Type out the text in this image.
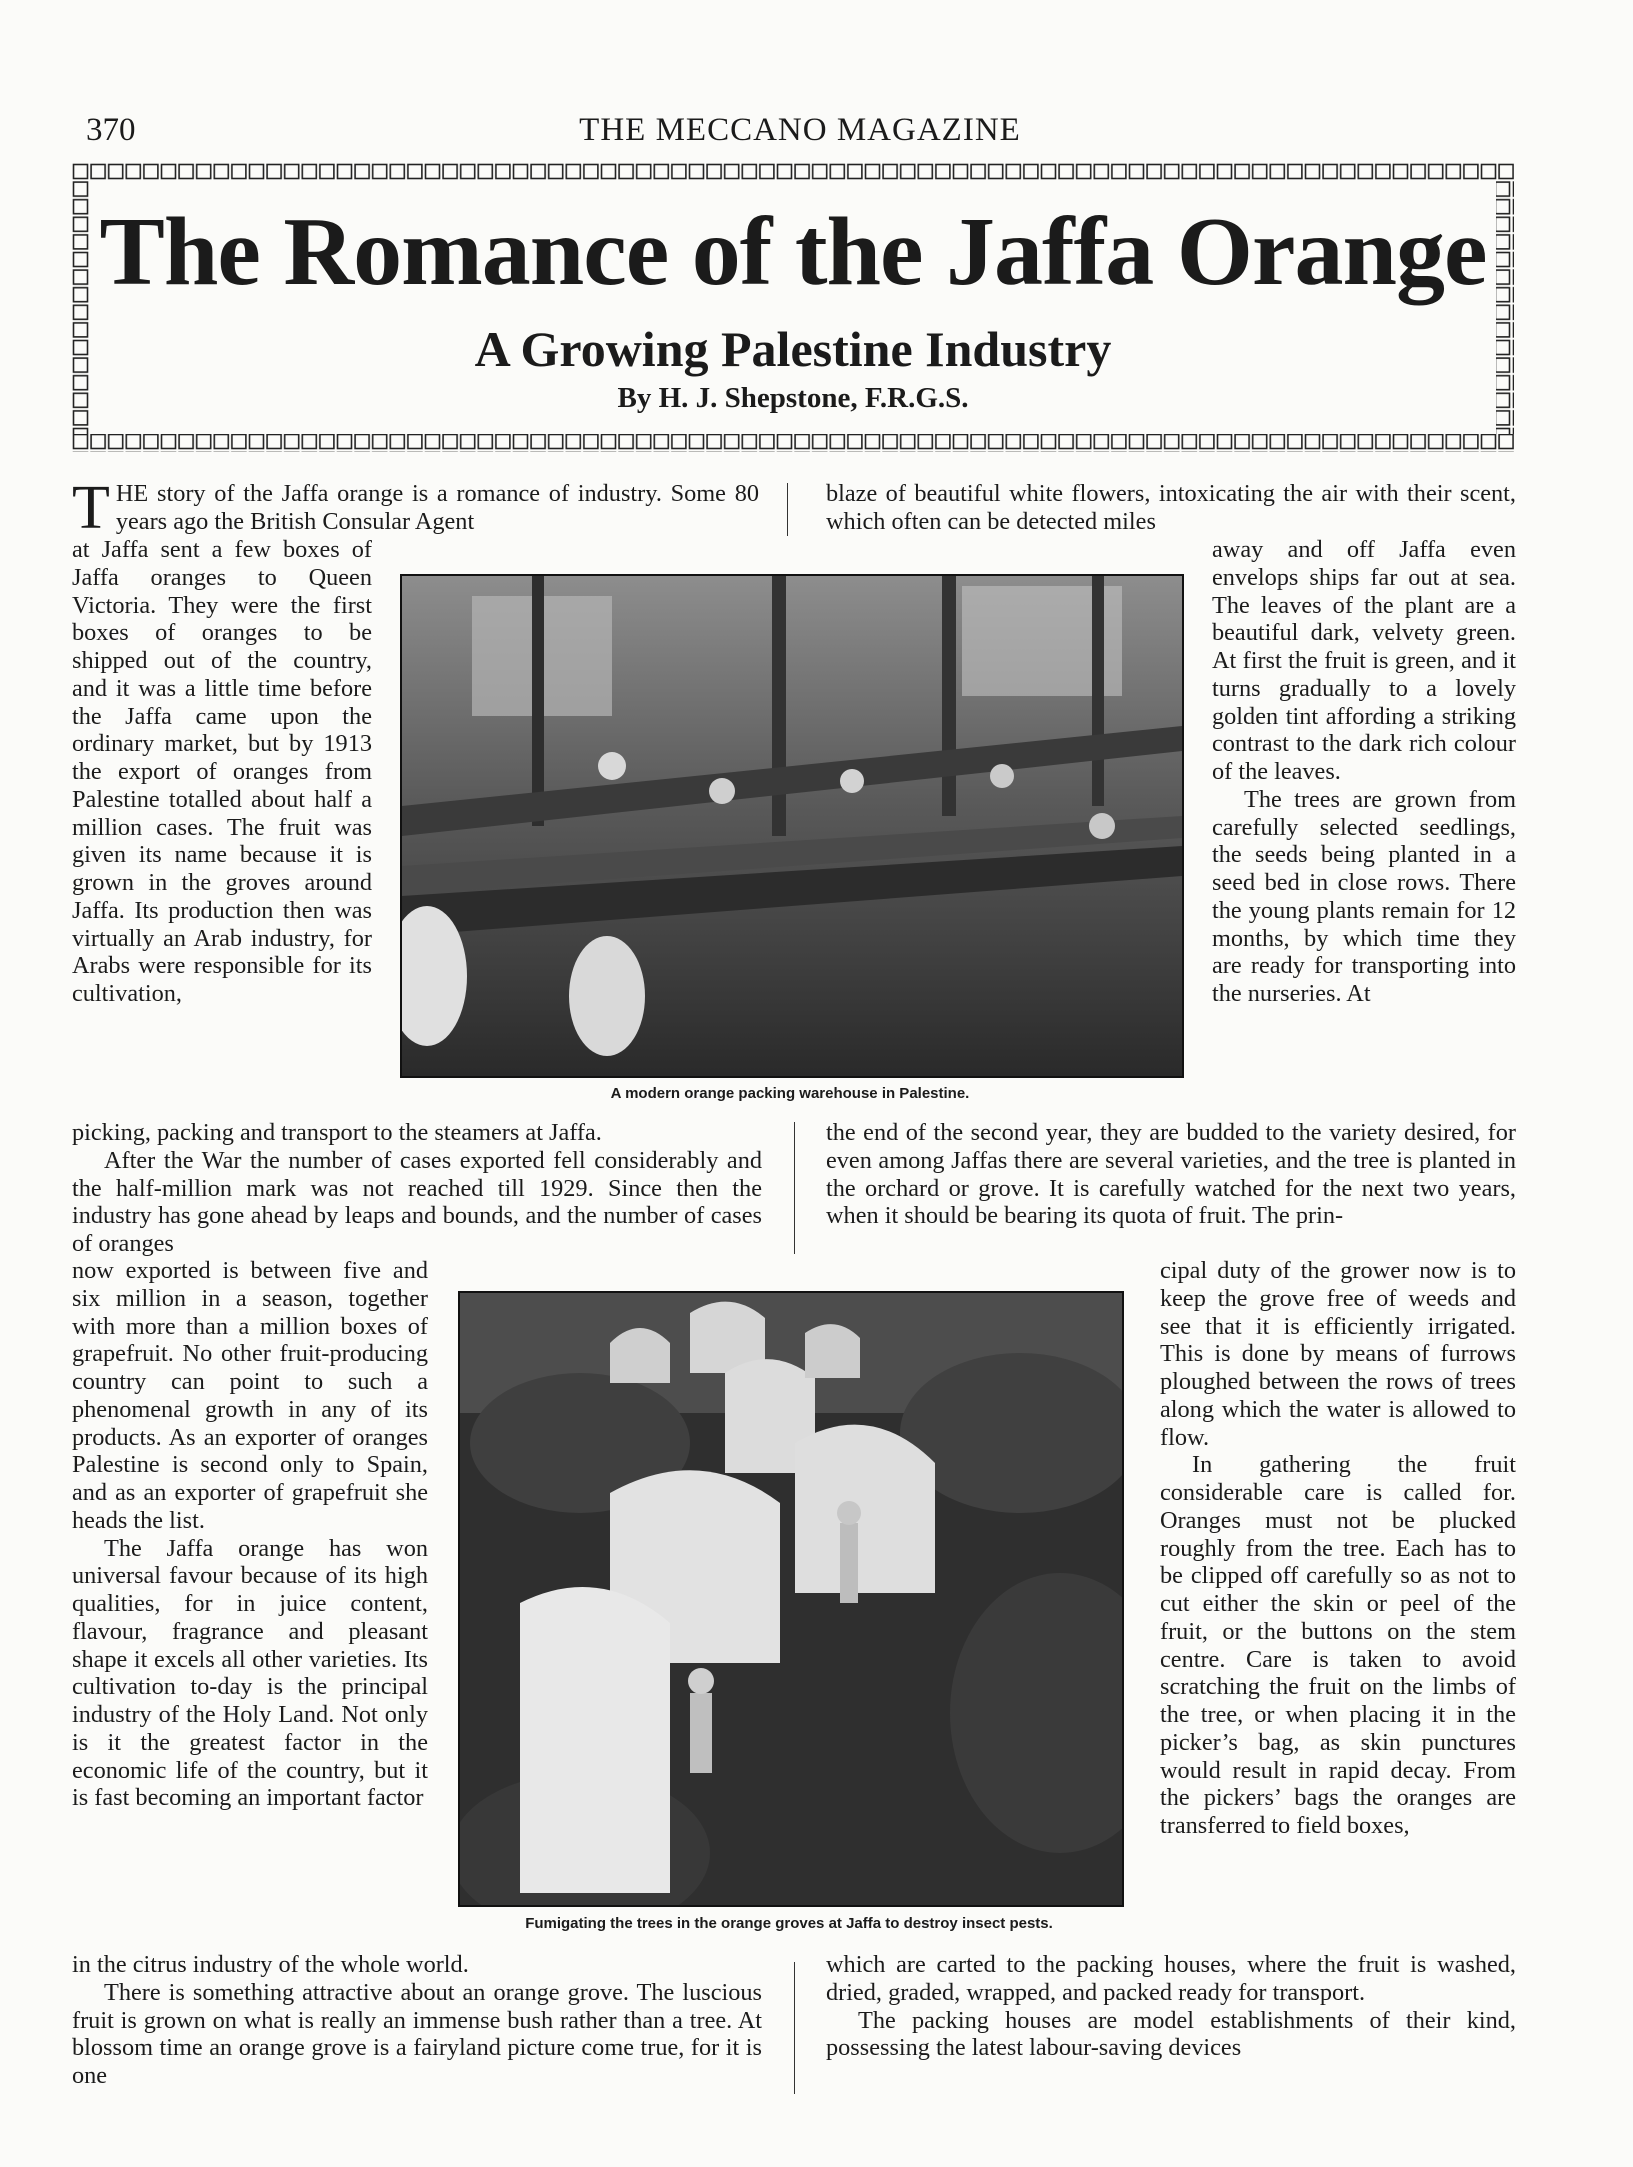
370	THE MECCANO MAGAZINE
The Romance of the Jaffa Orange
A Growing Palestine Industry
By H. J. Shepstone, F.R.G.S.
T HE story of the Jaffa orange is a romance of industry. Some 80 years ago the British Consular Agent

at Jaffa sent a few boxes of Jaffa oranges to Queen Victoria. They were the first boxes of oranges to be shipped out of the country, and it was a little time before the Jaffa came upon the ordinary market, but by 1913 the export of oranges from Palestine totalled about half a million cases. The fruit was given its name because it is grown in the groves around Jaffa. Its production then was virtually an Arab industry, for Arabs were responsible for its cultivation,

picking, packing and transport to the steamers at Jaffa.

After the War the number of cases exported fell considerably and the half-million mark was not reached till 1929. Since then the industry has gone ahead by leaps and bounds, and the number of cases of oranges

now exported is between five and six million in a season, together with more than a million boxes of grapefruit. No other fruit-producing country can point to such a phenomenal growth in any of its products. As an exporter of oranges Palestine is second only to Spain, and as an exporter of grapefruit she heads the list.

The Jaffa orange has won universal favour because of its high qualities, for in juice content, flavour, fragrance and pleasant shape it excels all other varieties. Its cultivation to-day is the principal industry of the Holy Land. Not only is it the greatest factor in the economic life of the country, but it is fast becoming an important factor

in the citrus industry of the whole world.

There is something attractive about an orange grove. The luscious fruit is grown on what is really an immense bush rather than a tree. At blossom time an orange grove is a fairyland picture come true, for it is one

blaze of beautiful white flowers, intoxicating the air with their scent, which often can be detected miles

away and off Jaffa even envelops ships far out at sea. The leaves of the plant are a beautiful dark, velvety green. At first the fruit is green, and it turns gradually to a lovely golden tint affording a striking contrast to the dark rich colour of the leaves.

The trees are grown from carefully selected seedlings, the seeds being planted in a seed bed in close rows. There the young plants remain for 12 months, by which time they are ready for transporting into the nurseries. At

the end of the second year, they are budded to the variety desired, for even among Jaffas there are several varieties, and the tree is planted in the orchard or grove. It is carefully watched for the next two years, when it should be bearing its quota of fruit. The prin-

cipal duty of the grower now is to keep the grove free of weeds and see that it is efficiently irrigated. This is done by means of furrows ploughed between the rows of trees along which the water is allowed to flow.

In gathering the fruit considerable care is called for. Oranges must not be plucked roughly from the tree. Each has to be clipped off carefully so as not to cut either the skin or peel of the fruit, or the buttons on the stem centre. Care is taken to avoid scratching the fruit on the limbs of the tree, or when placing it in the picker’s bag, as skin punctures would result in rapid decay. From the pickers’ bags the oranges are transferred to field boxes,

which are carted to the packing houses, where the fruit is washed, dried, graded, wrapped, and packed ready for transport.

The packing houses are model establishments of their kind, possessing the latest labour-saving devices

A modern orange packing warehouse in Palestine.
Fumigating the trees in the orange groves at Jaffa to destroy insect pests.
